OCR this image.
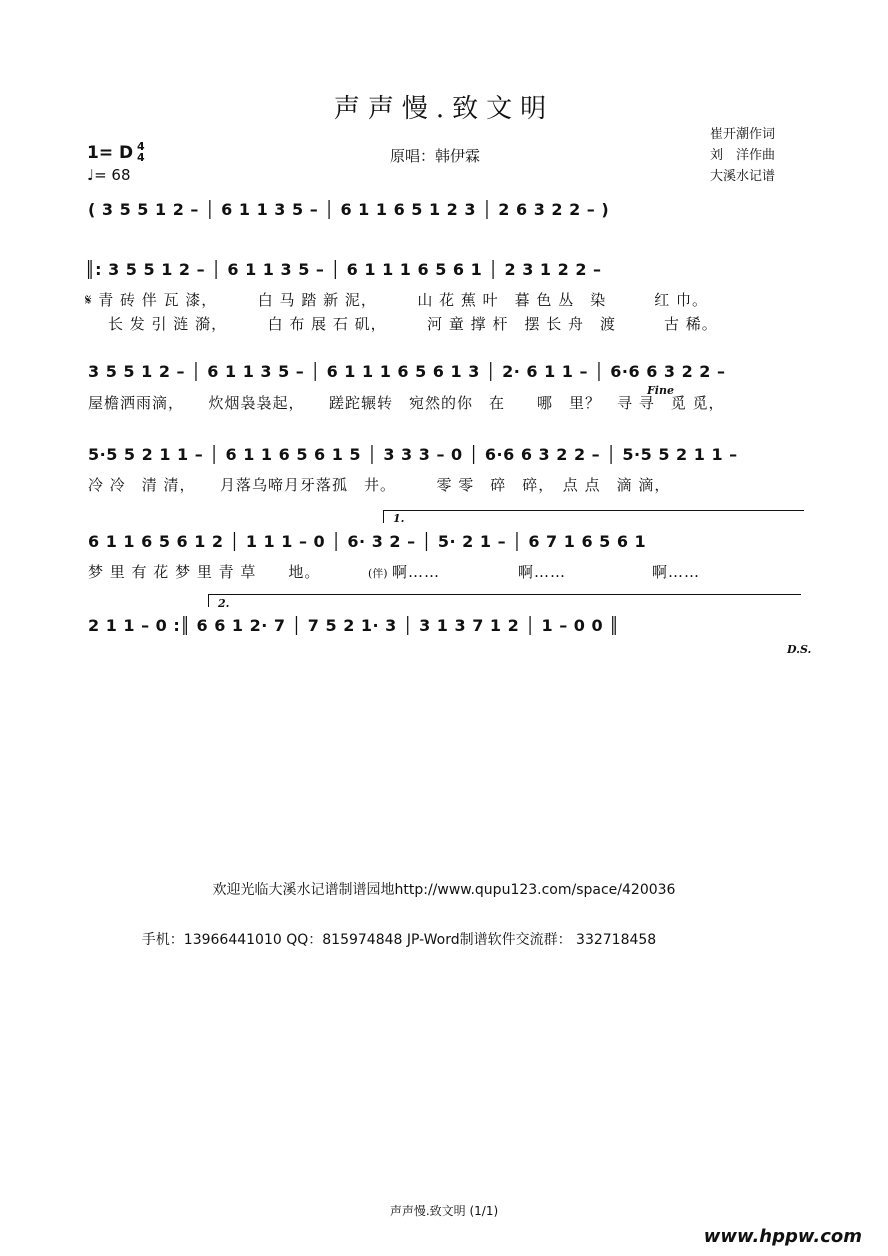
声声慢.致文明
1= D 4
4
♩= 68
原唱：韩伊霖
崔开潮作词
刘　洋作曲
大溪水记谱
( 3 5 5 1 2 – │ 6 1 1 3 5 – │ 6 1 1 6 5 1 2 3 │ 2 6 3 2 2 – )
║: 3 5 5 1 2 – │ 6 1 1 3 5 – │ 6 1 1 1 6 5 6 1 │ 2 3 1 2 2 –
𝄋 青 砖 伴 瓦 漆，　　　白 马 踏 新 泥，　　　山 花 蕉 叶　暮 色 丛　染　　　红 巾。
长 发 引 涟 漪，　　　白 布 展 石 矶，　　　河 童 撑 杆　摆 长 舟　渡　　　古 稀。
3 5 5 1 2 – │ 6 1 1 3 5 – │ 6 1 1 1 6 5 6 1 3 │ 2· 6 1 1 – │ 6·6 6 3 2 2 –
Fine
屋檐洒雨滴，　　炊烟袅袅起，　　蹉跎辗转　宛然的你　在　　哪　里？　寻 寻　觅 觅，
5·5 5 2 1 1 – │ 6 1 1 6 5 6 1 5 │ 3 3 3 – 0 │ 6·6 6 3 2 2 – │ 5·5 5 2 1 1 –
冷 冷　清 清，　　月落乌啼月牙落孤　井。　　　零 零　碎　碎，　点 点　滴 滴，
1.
6 1 1 6 5 6 1 2 │ 1 1 1 – 0 │ 6· 3 2 – │ 5· 2 1 – │ 6 7 1 6 5 6 1
梦 里 有 花 梦 里 青 草　　地。	(伴) 啊……	啊……	啊……
2.
2 1 1 – 0 :║ 6 6 1 2· 7 │ 7 5 2 1· 3 │ 3 1 3 7 1 2 │ 1 – 0 0 ║
D.S.
欢迎光临大溪水记谱制谱园地http://www.qupu123.com/space/420036
手机：13966441010 QQ：815974848 JP-Word制谱软件交流群： 332718458
声声慢.致文明 (1/1)
www.hppw.com
